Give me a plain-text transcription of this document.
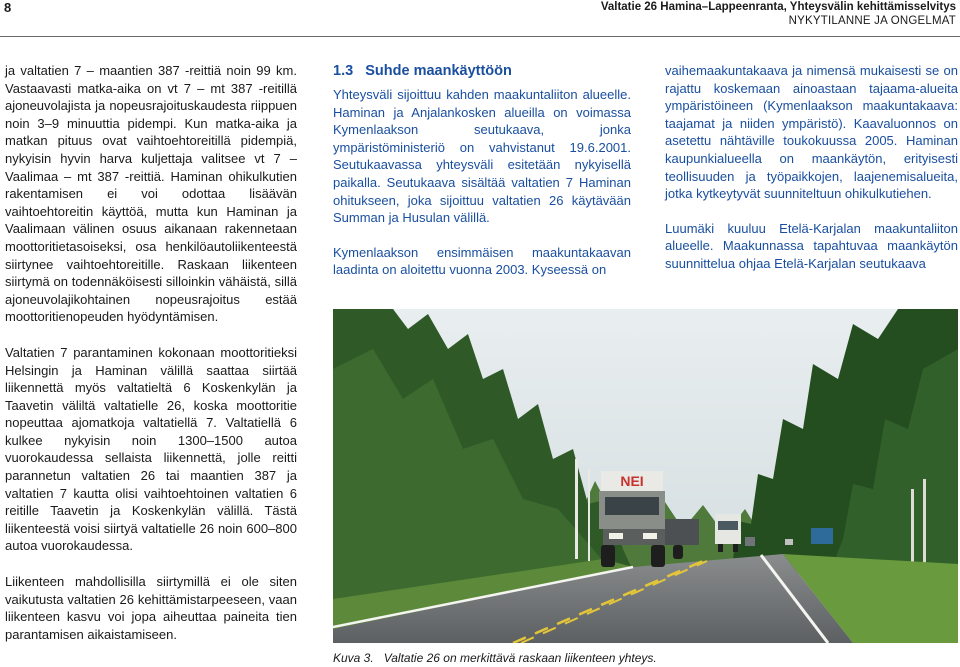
8	Valtatie 26 Hamina–Lappeenranta, Yhteysvälin kehittämisselvitys
NYKYTILANNE JA ONGELMAT

ja valtatien 7 – maantien 387 -reittiä noin 99 km. Vastaavasti matka-aika on vt 7 – mt 387 -reitillä ajoneuvolajista ja nopeusrajoituskaudesta riippuen noin 3–9 minuuttia pidempi. Kun matka-aika ja matkan pituus ovat vaihtoehtoreitillä pidempiä, nykyisin hyvin harva kuljettaja valitsee vt 7 – Vaalimaa – mt 387 -reittiä. Haminan ohikulkutien rakentamisen ei voi odottaa lisäävän vaihtoehtoreitin käyttöä, mutta kun Haminan ja Vaalimaan välinen osuus aikanaan rakennetaan moottoritietasoiseksi, osa henkilöautoliikenteestä siirtynee vaihtoehtoreitille. Raskaan liikenteen siirtymä on todennäköisesti silloinkin vähäistä, sillä ajoneuvolajikohtainen nopeusrajoitus estää moottoritienopeuden hyödyntämisen.

Valtatien 7 parantaminen kokonaan moottoritieksi Helsingin ja Haminan välillä saattaa siirtää liikennettä myös valtatieltä 6 Koskenkylän ja Taavetin väliltä valtatielle 26, koska moottoritie nopeuttaa ajomatkoja valtatiellä 7. Valtatiellä 6 kulkee nykyisin noin 1300–1500 autoa vuorokaudessa sellaista liikennettä, jolle reitti parannetun valtatien 26 tai maantien 387 ja valtatien 7 kautta olisi vaihtoehtoinen valtatien 6 reitille Taavetin ja Koskenkylän välillä. Tästä liikenteestä voisi siirtyä valtatielle 26 noin 600–800 autoa vuorokaudessa.

Liikenteen mahdollisilla siirtymillä ei ole siten vaikutusta valtatien 26 kehittämistarpeeseen, vaan liikenteen kasvu voi jopa aiheuttaa paineita tien parantamisen aikaistamiseen.

1.3   Suhde maankäyttöön

Yhteysväli sijoittuu kahden maakuntaliiton alueelle. Haminan ja Anjalankosken alueilla on voimassa Kymenlaakson seutukaava, jonka ympäristöministeriö on vahvistanut 19.6.2001. Seutukaavassa yhteysväli esitetään nykyisellä paikalla. Seutukaava sisältää valtatien 7 Haminan ohitukseen, joka sijoittuu valtatien 26 käytävään Summan ja Husulan välillä.

Kymenlaakson ensimmäisen maakuntakaavan laadinta on aloitettu vuonna 2003. Kyseessä on

vaihemaakuntakaava ja nimensä mukaisesti se on rajattu koskemaan ainoastaan tajaama-alueita ympäristöineen (Kymenlaakson maakuntakaava: taajamat ja niiden ympäristö). Kaavaluonnos on asetettu nähtäville toukokuussa 2005. Haminan kaupunkialueella on maankäytön, erityisesti teollisuuden ja työpaikkojen, laajenemisalueita, jotka kytkeytyvät suunniteltuun ohikulkutiehen.

Luumäki kuuluu Etelä-Karjalan maakuntaliiton alueelle. Maakunnassa tapahtuvaa maankäytön suunnittelua ohjaa Etelä-Karjalan seutukaava

NEI
Kuva 3.   Valtatie 26 on merkittävä raskaan liikenteen yhteys.
